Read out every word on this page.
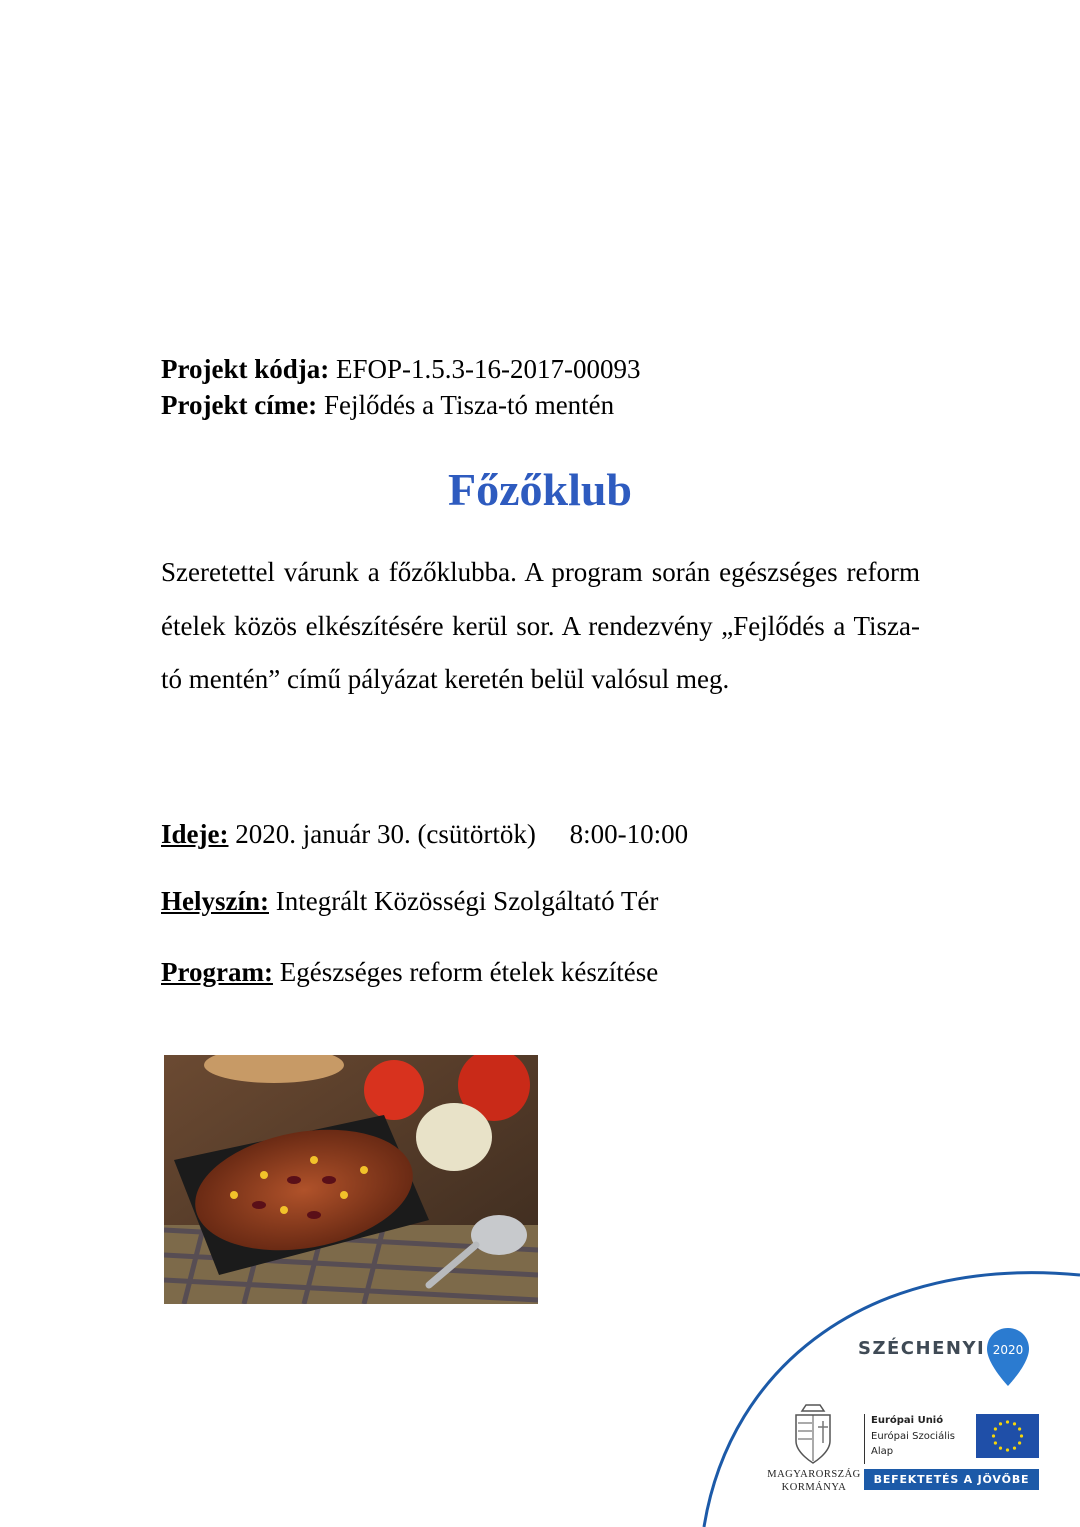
Projekt kódja: EFOP-1.5.3-16-2017-00093
Projekt címe: Fejlődés a Tisza-tó mentén
Főzőklub
Szeretettel várunk a főzőklubba. A program során egészséges reform ételek közös elkészítésére kerül sor. A rendezvény „Fejlődés a Tisza- tó mentén” című pályázat keretén belül valósul meg.
Ideje: 2020. január 30. (csütörtök)     8:00-10:00
Helyszín: Integrált Közösségi Szolgáltató Tér
Program: Egészséges reform ételek készítése
SZÉCHENYI 2020
MAGYARORSZÁG
KORMÁNYA
Európai Unió
Európai Szociális
Alap
BEFEKTETÉS A JÖVŐBE
